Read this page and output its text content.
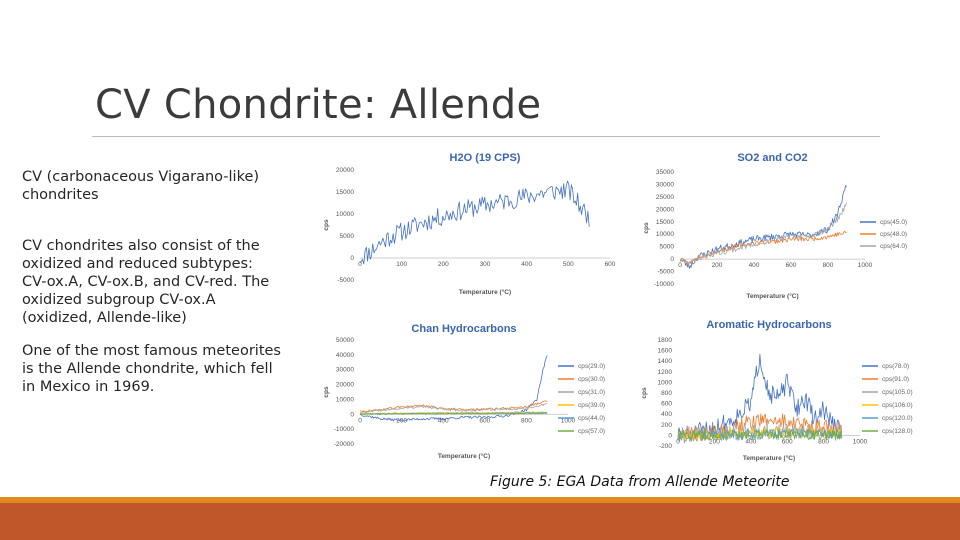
CV Chondrite: Allende
CV (carbonaceous Vigarano-like) chondrites
CV chondrites also consist of the oxidized and reduced subtypes: CV-ox.A, CV-ox.B, and CV-red. The oxidized subgroup CV-ox.A (oxidized, Allende-like)
One of the most famous meteorites is the Allende chondrite, which fell in Mexico in 1969.
H2O (19 CPS)
-5000
0
5000
10000
15000
20000
0	100	200	300	400	500	600
Temperature (°C)
cps
SO2 and CO2
-10000
-5000
0
5000
10000
15000
20000
25000
30000
35000
0	200	400	600	800	1000
Temperature (°C)
cps	cps(45.0)
cps(48.0)
cps(64.0)
Chan Hydrocarbons
-20000
-10000
0
10000
20000
30000
40000
50000
0	200	400	600	800	1000
Temperature (°C)
cps
cps(29.0)
cps(30.0)
cps(31.0)
cps(39.0)
cps(44.0)
cps(57.0)
Aromatic Hydrocarbons
-200
0
200
400
600
800
1000
1200
1400
1600
1800
0	200	400	600	800	1000
Temperature (°C)
cps
cps(78.0)
cps(91.0)
cps(105.0)
cps(106.0)
cps(120.0)
cps(128.0)
Figure 5: EGA Data from Allende Meteorite
